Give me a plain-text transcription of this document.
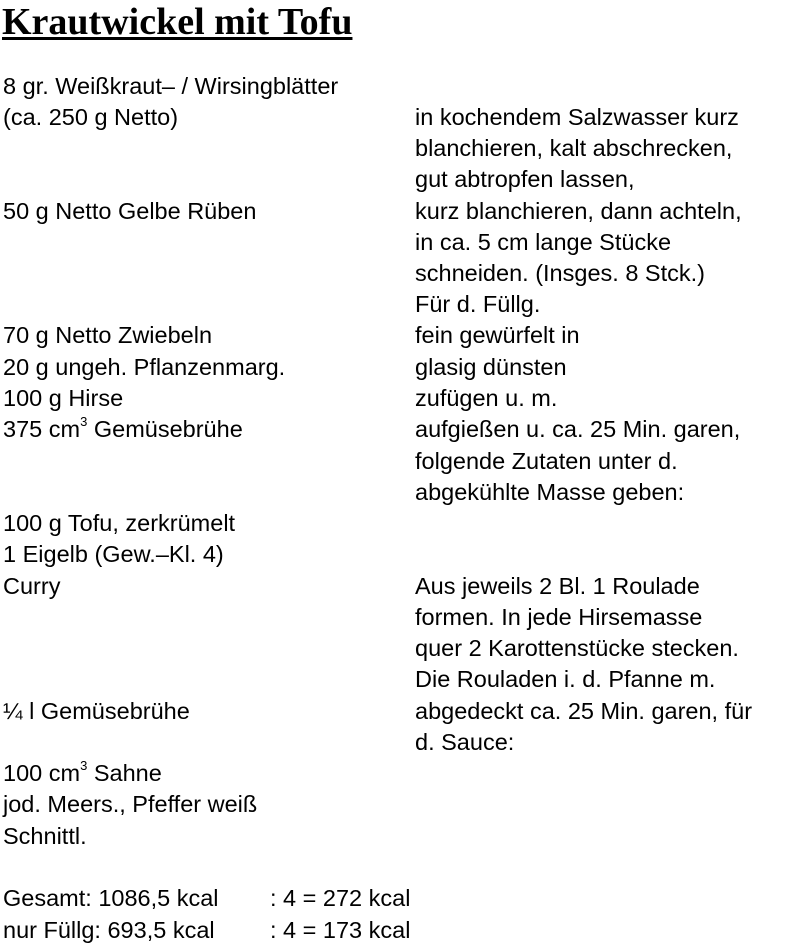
Krautwickel mit Tofu
8 gr. Weißkraut– / Wirsingblätter
(ca. 250 g Netto)	in kochendem Salzwasser kurz
blanchieren, kalt abschrecken,
gut abtropfen lassen,
50 g Netto Gelbe Rüben	kurz blanchieren, dann achteln,
in ca. 5 cm lange Stücke
schneiden. (Insges. 8 Stck.)
Für d. Füllg.
70 g Netto Zwiebeln	fein gewürfelt in
20 g ungeh. Pflanzenmarg.	glasig dünsten
100 g Hirse	zufügen u. m.
375 $cm^3$ Gemüsebrühe	aufgießen u. ca. 25 Min. garen,
folgende Zutaten unter d.
abgekühlte Masse geben:
100 g Tofu, zerkrümelt
1 Eigelb (Gew.–Kl. 4)
Curry	Aus jeweils 2 Bl. 1 Roulade
formen. In jede Hirsemasse
quer 2 Karottenstücke stecken.
Die Rouladen i. d. Pfanne m.
¼ l Gemüsebrühe	abgedeckt ca. 25 Min. garen, für
d. Sauce:
100 $cm^3$ Sahne
jod. Meers., Pfeffer weiß
Schnittl.
Gesamt: 1086,5 kcal : 4 = 272 kcal
nur Füllg: 693,5 kcal : 4 = 173 kcal
